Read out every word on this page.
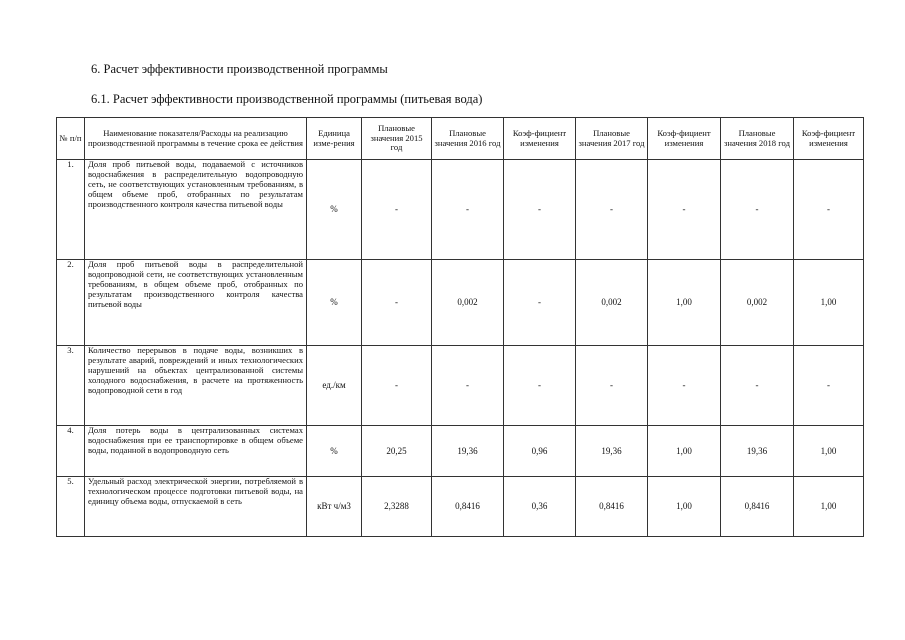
6. Расчет эффективности производственной программы
6.1. Расчет эффективности производственной программы (питьевая вода)
№ п/п	Наименование показателя/Расходы на реализацию производственной программы в течение срока ее действия	Единица изме-рения	Плановые значения 2015 год	Плановые значения 2016 год	Коэф-фициент изменения	Плановые значения 2017 год	Коэф-фициент изменения	Плановые значения 2018 год	Коэф-фициент изменения
1.	Доля проб питьевой воды, подаваемой с источников водоснабжения в распределительную водопроводную сеть, не соответствующих установленным требованиям, в общем объеме проб, отобранных по результатам производственного контроля качества питьевой воды	%	-	-	-	-	-	-	-
2.	Доля проб питьевой воды в распределительной водопроводной сети, не соответствующих установленным требованиям, в общем объеме проб, отобранных по результатам производственного контроля качества питьевой воды	%	-	0,002	-	0,002	1,00	0,002	1,00
3.	Количество перерывов в подаче воды, возникших в результате аварий, повреждений и иных технологических нарушений на объектах централизованной системы холодного водоснабжения, в расчете на протяженность водопроводной сети в год	ед./км	-	-	-	-	-	-	-
4.	Доля потерь воды в централизованных системах водоснабжения при ее транспортировке в общем объеме воды, поданной в водопроводную сеть	%	20,25	19,36	0,96	19,36	1,00	19,36	1,00
5.	Удельный расход электрической энергии, потребляемой в технологическом процессе подготовки питьевой воды, на единицу объема воды, отпускаемой в сеть	кВт ч/м3	2,3288	0,8416	0,36	0,8416	1,00	0,8416	1,00
